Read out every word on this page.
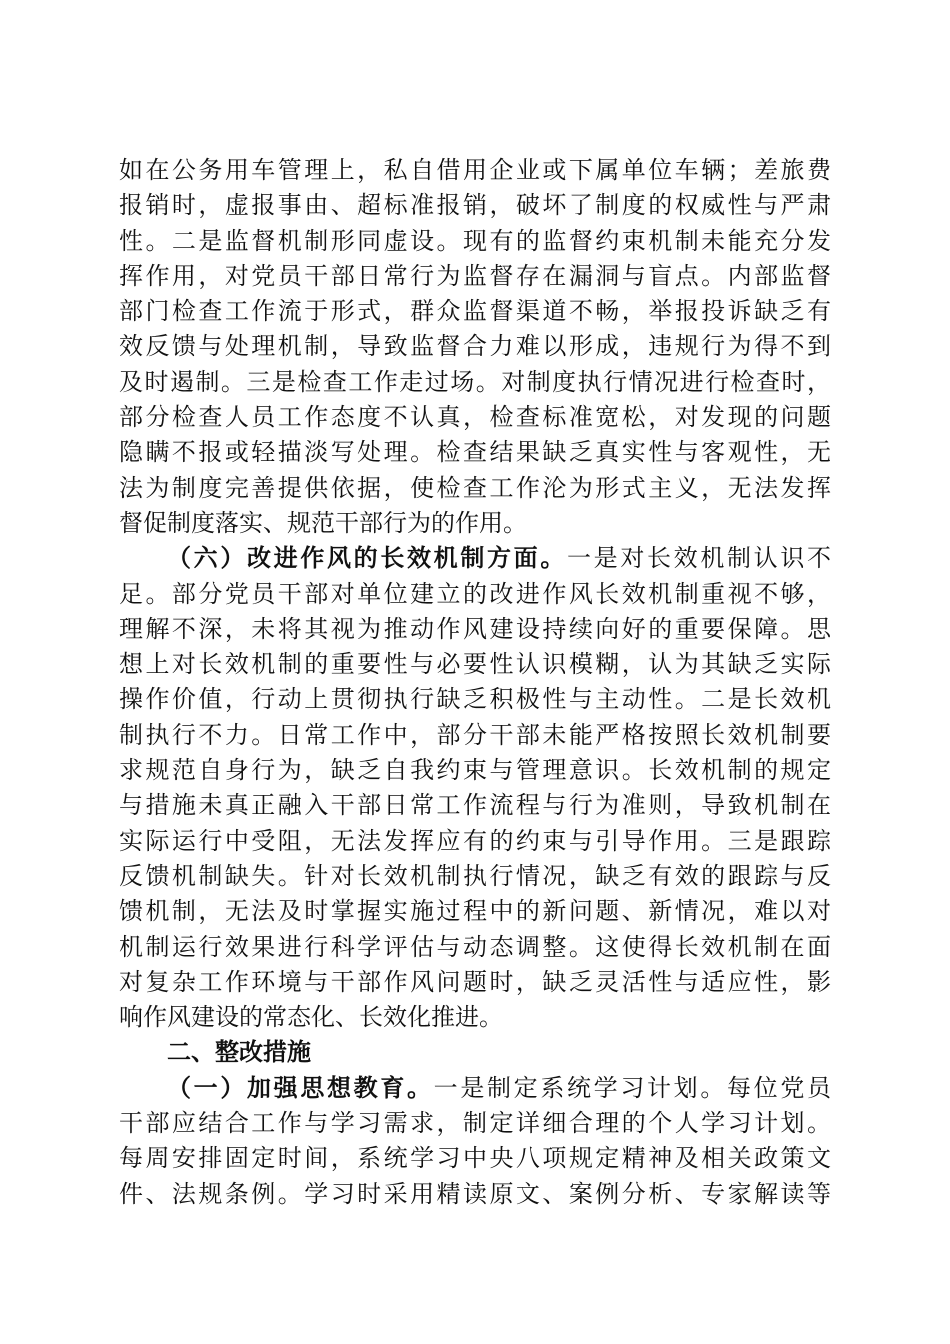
如在公务用车管理上，私自借用企业或下属单位车辆；差旅费
报销时，虚报事由、超标准报销，破坏了制度的权威性与严肃
性。二是监督机制形同虚设。现有的监督约束机制未能充分发
挥作用，对党员干部日常行为监督存在漏洞与盲点。内部监督
部门检查工作流于形式，群众监督渠道不畅，举报投诉缺乏有
效反馈与处理机制，导致监督合力难以形成，违规行为得不到
及时遏制。三是检查工作走过场。对制度执行情况进行检查时，
部分检查人员工作态度不认真，检查标准宽松，对发现的问题
隐瞒不报或轻描淡写处理。检查结果缺乏真实性与客观性，无
法为制度完善提供依据，使检查工作沦为形式主义，无法发挥
督促制度落实、规范干部行为的作用。
（六）改进作风的长效机制方面。一是对长效机制认识不
足。部分党员干部对单位建立的改进作风长效机制重视不够，
理解不深，未将其视为推动作风建设持续向好的重要保障。思
想上对长效机制的重要性与必要性认识模糊，认为其缺乏实际
操作价值，行动上贯彻执行缺乏积极性与主动性。二是长效机
制执行不力。日常工作中，部分干部未能严格按照长效机制要
求规范自身行为，缺乏自我约束与管理意识。长效机制的规定
与措施未真正融入干部日常工作流程与行为准则，导致机制在
实际运行中受阻，无法发挥应有的约束与引导作用。三是跟踪
反馈机制缺失。针对长效机制执行情况，缺乏有效的跟踪与反
馈机制，无法及时掌握实施过程中的新问题、新情况，难以对
机制运行效果进行科学评估与动态调整。这使得长效机制在面
对复杂工作环境与干部作风问题时，缺乏灵活性与适应性，影
响作风建设的常态化、长效化推进。
二、整改措施
（一）加强思想教育。一是制定系统学习计划。每位党员
干部应结合工作与学习需求，制定详细合理的个人学习计划。
每周安排固定时间，系统学习中央八项规定精神及相关政策文
件、法规条例。学习时采用精读原文、案例分析、专家解读等
